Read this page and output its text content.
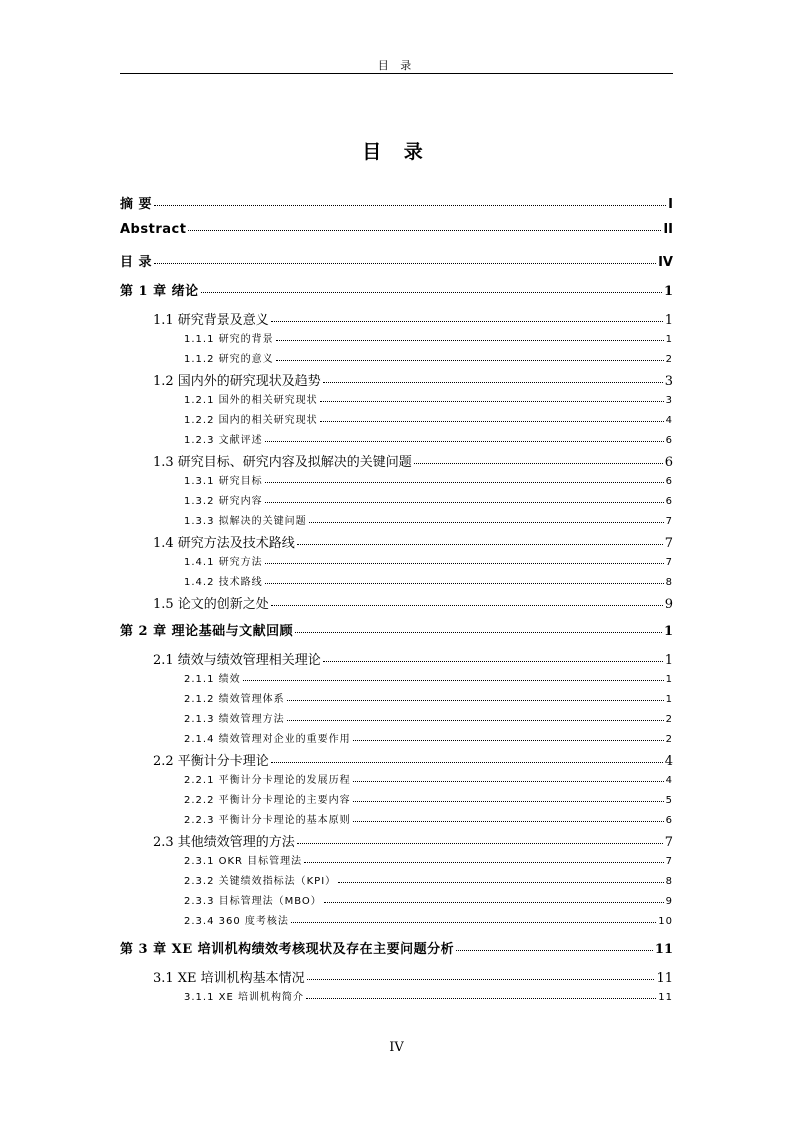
目 录
目 录
摘 要	I
Abstract	II
目 录	IV
第 1 章 绪论	1
1.1 研究背景及意义	1
1.1.1 研究的背景	1
1.1.2 研究的意义	2
1.2 国内外的研究现状及趋势	3
1.2.1 国外的相关研究现状	3
1.2.2 国内的相关研究现状	4
1.2.3 文献评述	6
1.3 研究目标、研究内容及拟解决的关键问题	6
1.3.1 研究目标	6
1.3.2 研究内容	6
1.3.3 拟解决的关键问题	7
1.4 研究方法及技术路线	7
1.4.1 研究方法	7
1.4.2 技术路线	8
1.5 论文的创新之处	9
第 2 章 理论基础与文献回顾	1
2.1 绩效与绩效管理相关理论	1
2.1.1 绩效	1
2.1.2 绩效管理体系	1
2.1.3 绩效管理方法	2
2.1.4 绩效管理对企业的重要作用	2
2.2 平衡计分卡理论	4
2.2.1 平衡计分卡理论的发展历程	4
2.2.2 平衡计分卡理论的主要内容	5
2.2.3 平衡计分卡理论的基本原则	6
2.3 其他绩效管理的方法	7
2.3.1 OKR 目标管理法	7
2.3.2 关键绩效指标法（KPI）	8
2.3.3 目标管理法（MBO）	9
2.3.4 360 度考核法	10
第 3 章 XE 培训机构绩效考核现状及存在主要问题分析	11
3.1 XE 培训机构基本情况	11
3.1.1 XE 培训机构简介	11
IV
